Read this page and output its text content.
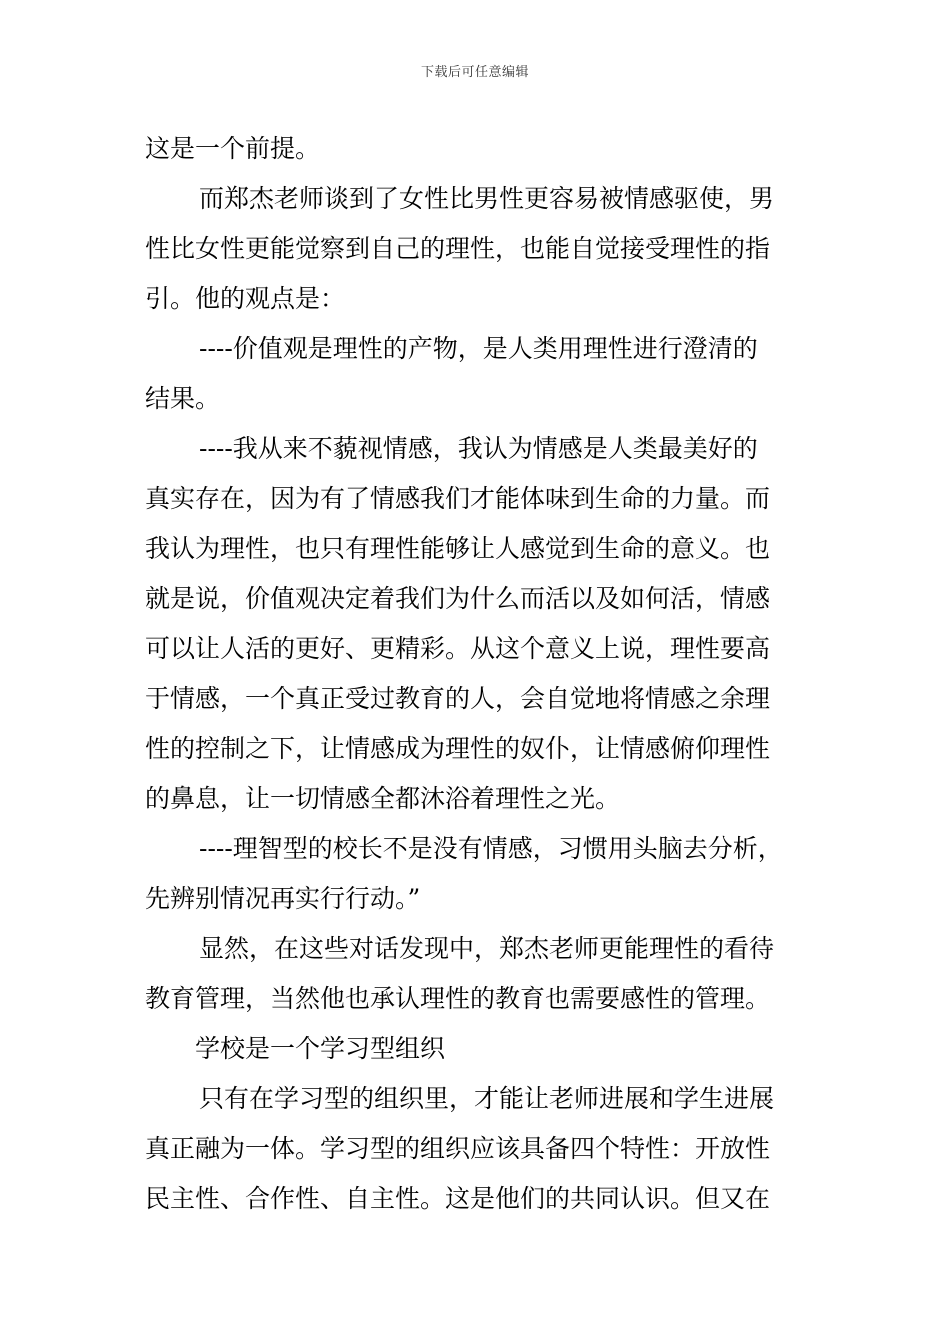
下载后可任意编辑
这是一个前提。
而郑杰老师谈到了女性比男性更容易被情感驱使，男
性比女性更能觉察到自己的理性，也能自觉接受理性的指
引。他的观点是：
----价值观是理性的产物，是人类用理性进行澄清的
结果。
----我从来不藐视情感，我认为情感是人类最美好的
真实存在，因为有了情感我们才能体味到生命的力量。而
我认为理性，也只有理性能够让人感觉到生命的意义。也
就是说，价值观决定着我们为什么而活以及如何活，情感
可以让人活的更好、更精彩。从这个意义上说，理性要高
于情感，一个真正受过教育的人，会自觉地将情感之余理
性的控制之下，让情感成为理性的奴仆，让情感俯仰理性
的鼻息，让一切情感全都沐浴着理性之光。
----理智型的校长不是没有情感，习惯用头脑去分析，
先辨别情况再实行行动。”
显然，在这些对话发现中，郑杰老师更能理性的看待
教育管理，当然他也承认理性的教育也需要感性的管理。
学校是一个学习型组织
只有在学习型的组织里，才能让老师进展和学生进展
真正融为一体。学习型的组织应该具备四个特性：开放性
民主性、合作性、自主性。这是他们的共同认识。但又在
